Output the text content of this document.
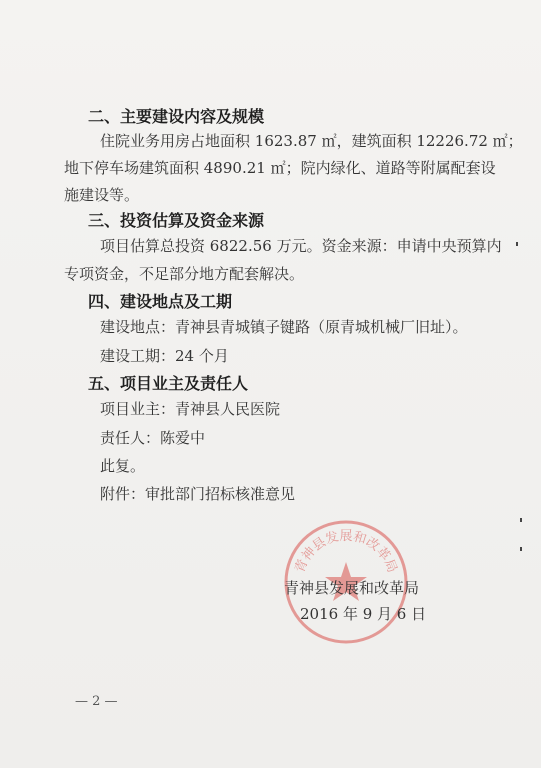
二、主要建设内容及规模
住院业务用房占地面积 1623.87 ㎡，建筑面积 12226.72 ㎡；
地下停车场建筑面积 4890.21 ㎡；院内绿化、道路等附属配套设
施建设等。
三、投资估算及资金来源
项目估算总投资 6822.56 万元。资金来源：申请中央预算内
专项资金，不足部分地方配套解决。
四、建设地点及工期
建设地点：青神县青城镇子键路（原青城机械厂旧址）。
建设工期：24 个月
五、项目业主及责任人
项目业主：青神县人民医院
责任人：陈爱中
此复。
附件：审批部门招标核准意见
青神县发展和改革局
青神县发展和改革局
2016 年 9 月 6 日
— 2 —
